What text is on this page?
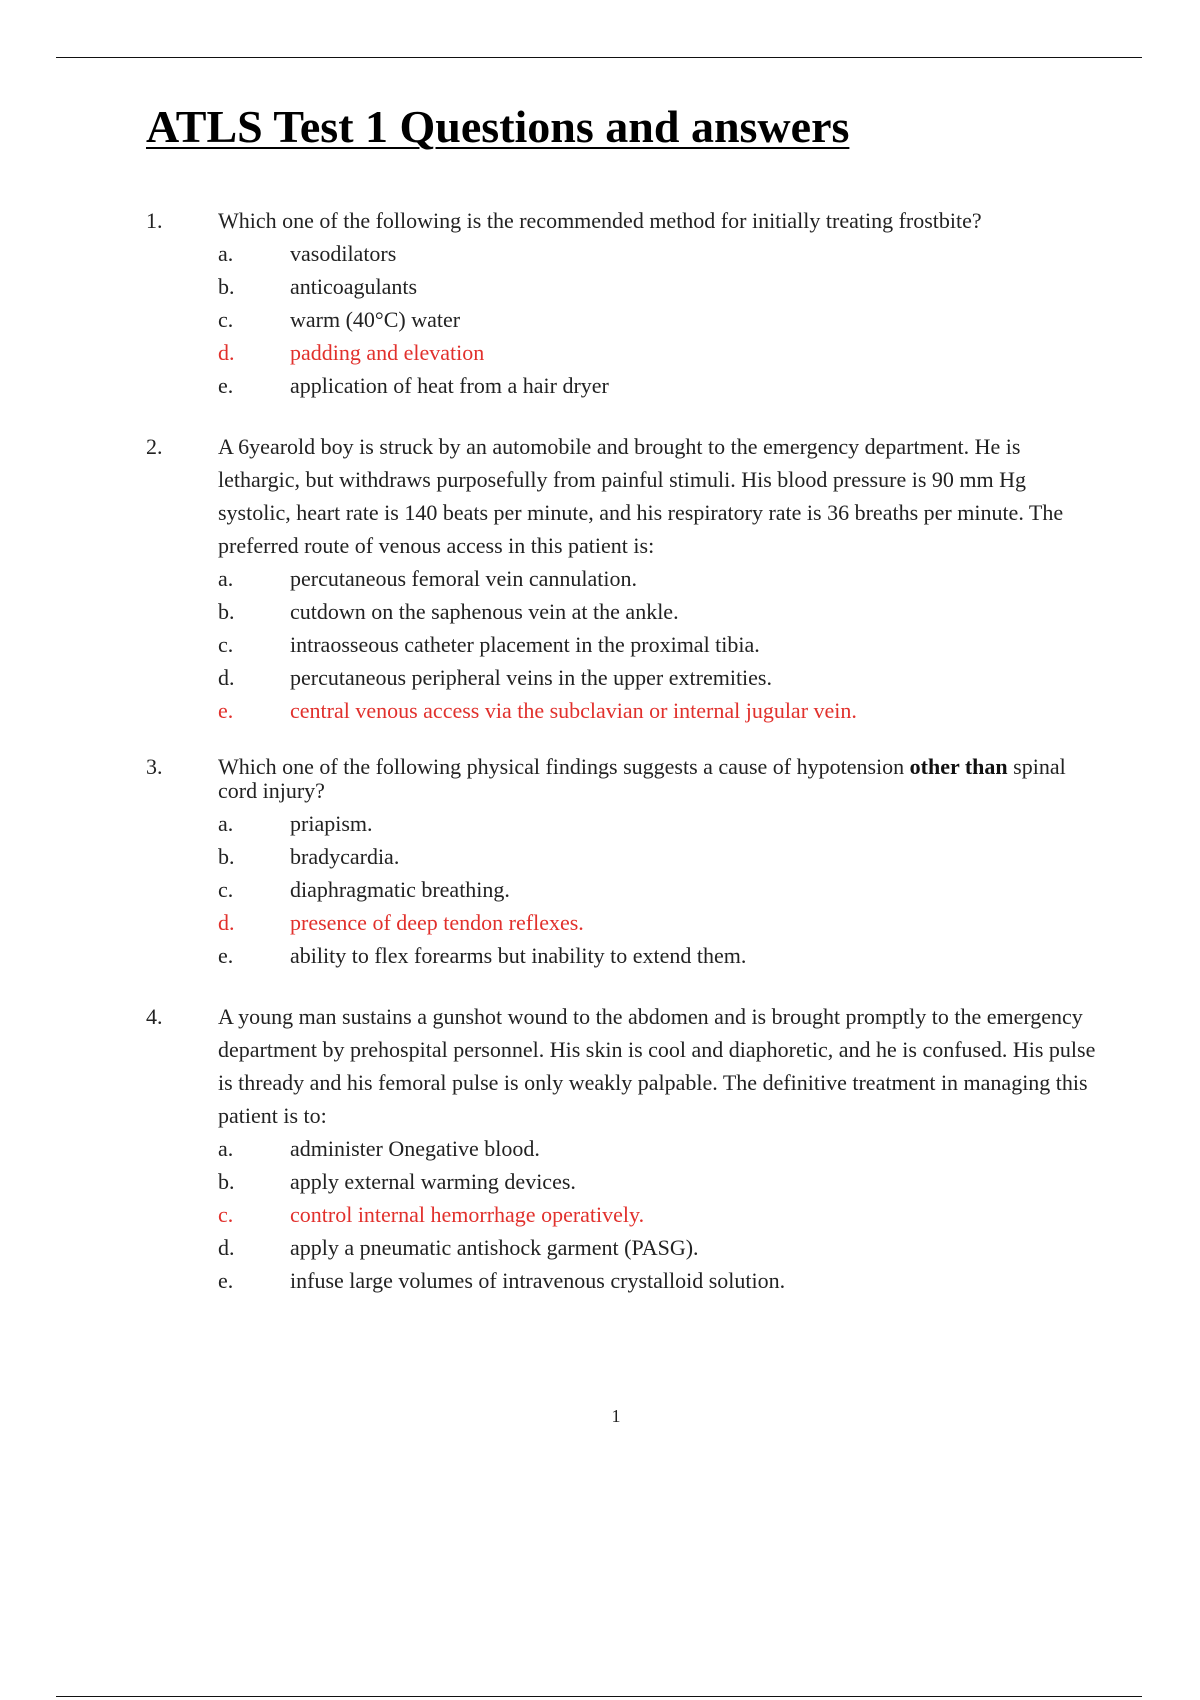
ATLS Test 1 Questions and answers
1.	Which one of the following is the recommended method for initially treating frostbite?
a.	vasodilators
b.	anticoagulants
c.	warm (40°C) water
d.	padding and elevation
e.	application of heat from a hair dryer
2.	A 6yearold boy is struck by an automobile and brought to the emergency department. He is lethargic, but withdraws purposefully from painful stimuli. His blood pressure is 90 mm Hg systolic, heart rate is 140 beats per minute, and his respiratory rate is 36 breaths per minute. The preferred route of venous access in this patient is:
a.	percutaneous femoral vein cannulation.
b.	cutdown on the saphenous vein at the ankle.
c.	intraosseous catheter placement in the proximal tibia.
d.	percutaneous peripheral veins in the upper extremities.
e.	central venous access via the subclavian or internal jugular vein.
3.	Which one of the following physical findings suggests a cause of hypotension other than spinal cord injury?
a.	priapism.
b.	bradycardia.
c.	diaphragmatic breathing.
d.	presence of deep tendon reflexes.
e.	ability to flex forearms but inability to extend them.
4.	A young man sustains a gunshot wound to the abdomen and is brought promptly to the emergency department by prehospital personnel. His skin is cool and diaphoretic, and he is confused. His pulse is thready and his femoral pulse is only weakly palpable. The definitive treatment in managing this patient is to:
a.	administer Onegative blood.
b.	apply external warming devices.
c.	control internal hemorrhage operatively.
d.	apply a pneumatic antishock garment (PASG).
e.	infuse large volumes of intravenous crystalloid solution.
1
